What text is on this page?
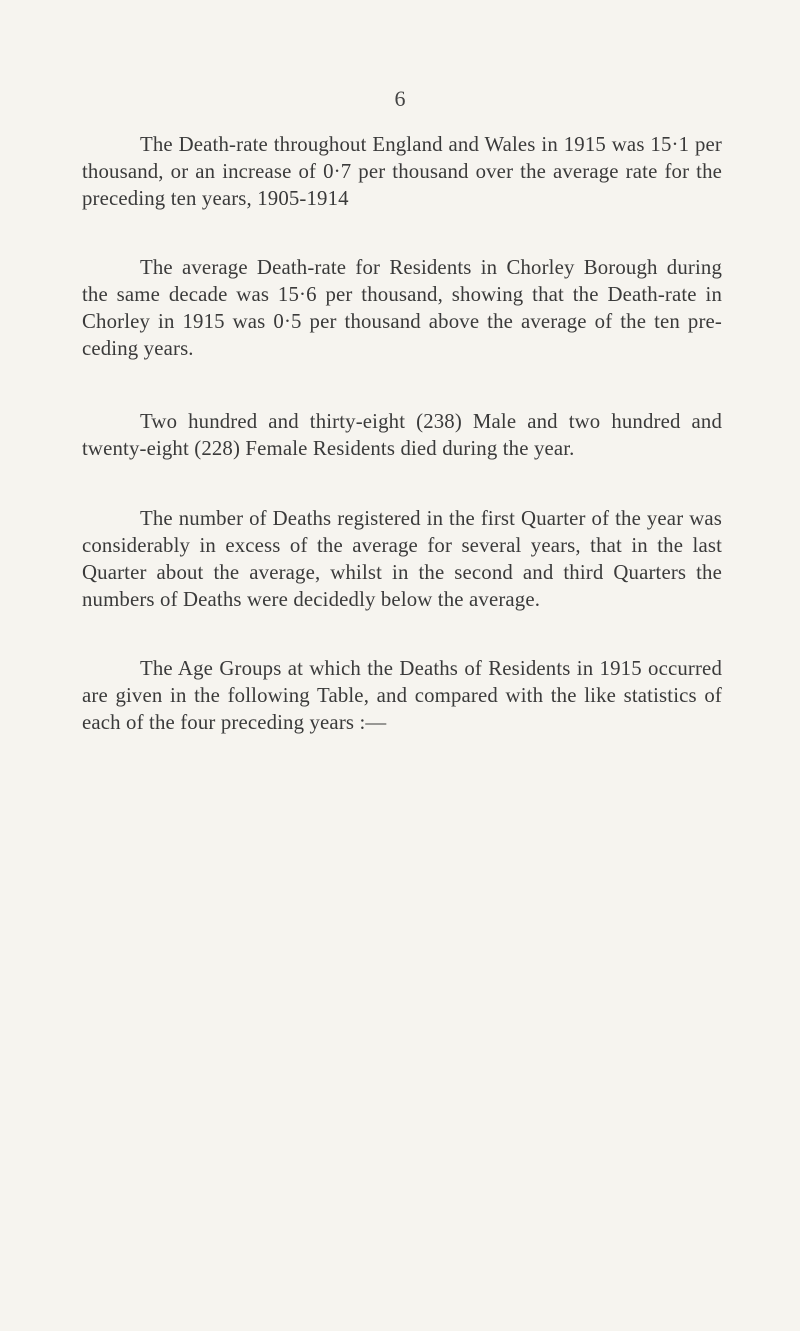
6

The Death-rate throughout England and Wales in 1915 was 15·1 per thousand, or an increase of 0·7 per thousand over the average rate for the preceding ten years, 1905-1914

The average Death-rate for Residents in Chorley Borough during the same decade was 15·6 per thousand, showing that the Death-rate in Chorley in 1915 was 0·5 per thousand above the average of the ten pre-ceding years.

Two hundred and thirty-eight (238) Male and two hundred and twenty-eight (228) Female Residents died during the year.

The number of Deaths registered in the first Quarter of the year was considerably in excess of the average for several years, that in the last Quarter about the average, whilst in the second and third Quarters the numbers of Deaths were decidedly below the average.

The Age Groups at which the Deaths of Residents in 1915 occurred are given in the following Table, and compared with the like statistics of each of the four preceding years :—
